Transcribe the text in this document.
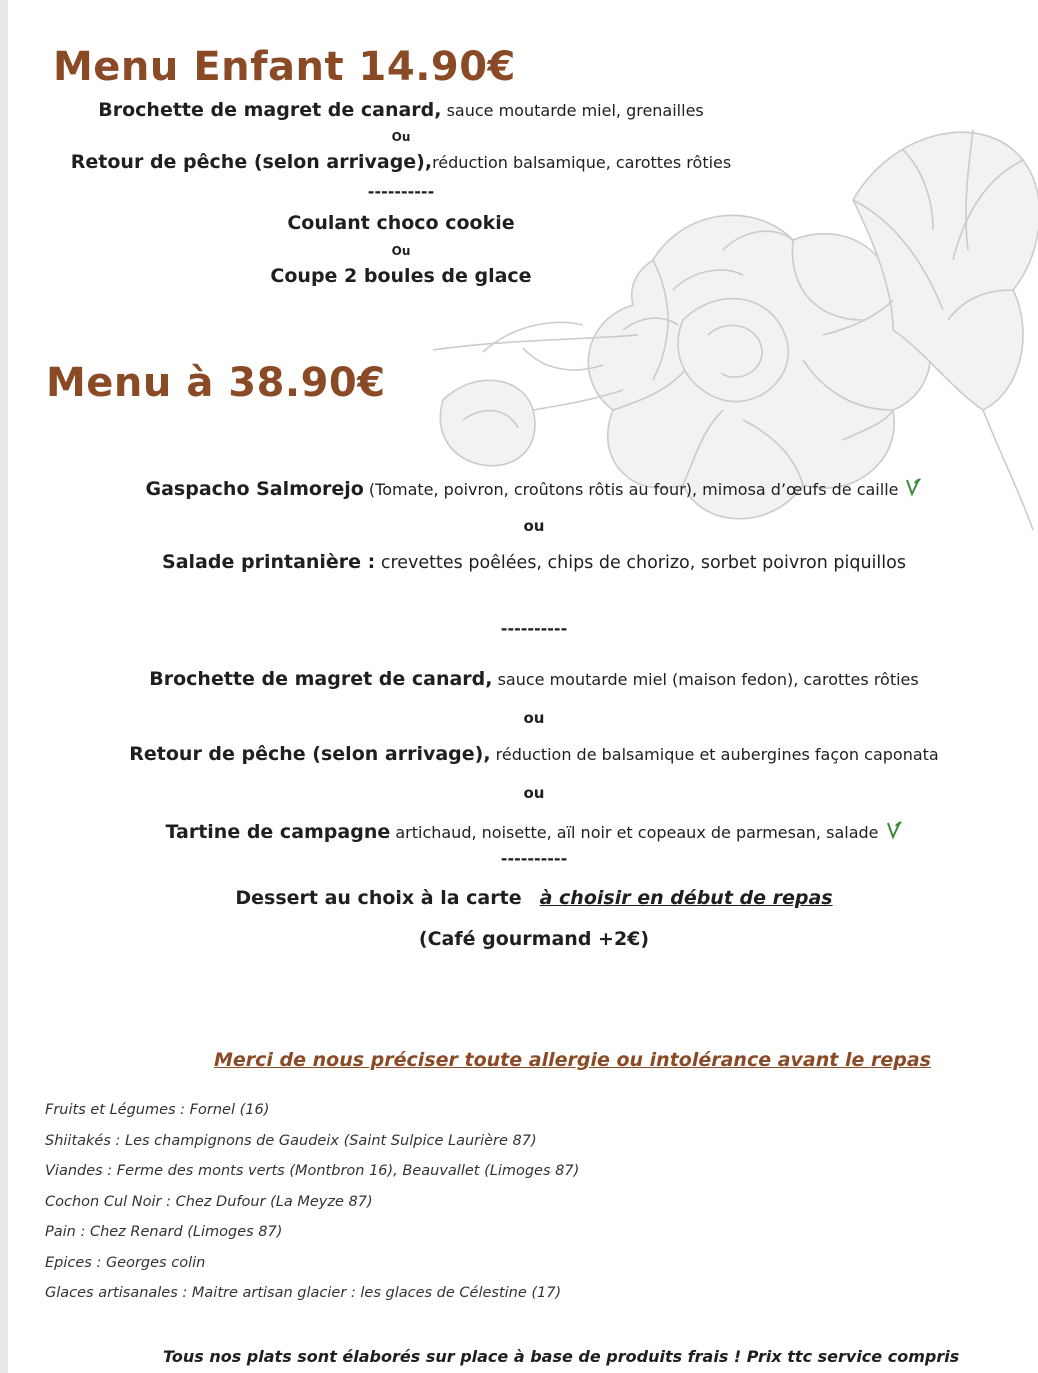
Menu Enfant 14.90€
Brochette de magret de canard, sauce moutarde miel, grenailles
Ou
Retour de pêche (selon arrivage),réduction balsamique, carottes rôties
----------
Coulant choco cookie
Ou
Coupe 2 boules de glace
Menu à 38.90€
Gaspacho Salmorejo (Tomate, poivron, croûtons rôtis au four), mimosa d’œufs de caille
ou
Salade printanière : crevettes poêlées, chips de chorizo, sorbet poivron piquillos
----------
Brochette de magret de canard, sauce moutarde miel (maison fedon), carottes rôties
ou
Retour de pêche (selon arrivage), réduction de balsamique et aubergines façon caponata
ou
Tartine de campagne artichaud, noisette, aïl noir et copeaux de parmesan, salade
----------
Dessert au choix à la carte à choisir en début de repas
(Café gourmand +2€)
Merci de nous préciser toute allergie ou intolérance avant le repas
Fruits et Légumes : Fornel (16)
Shiitakés : Les champignons de Gaudeix (Saint Sulpice Laurière 87)
Viandes : Ferme des monts verts (Montbron 16), Beauvallet (Limoges 87)
Cochon Cul Noir : Chez Dufour (La Meyze 87)
Pain : Chez Renard (Limoges 87)
Epices : Georges colin
Glaces artisanales : Maitre artisan glacier : les glaces de Célestine (17)
Tous nos plats sont élaborés sur place à base de produits frais ! Prix ttc service compris
